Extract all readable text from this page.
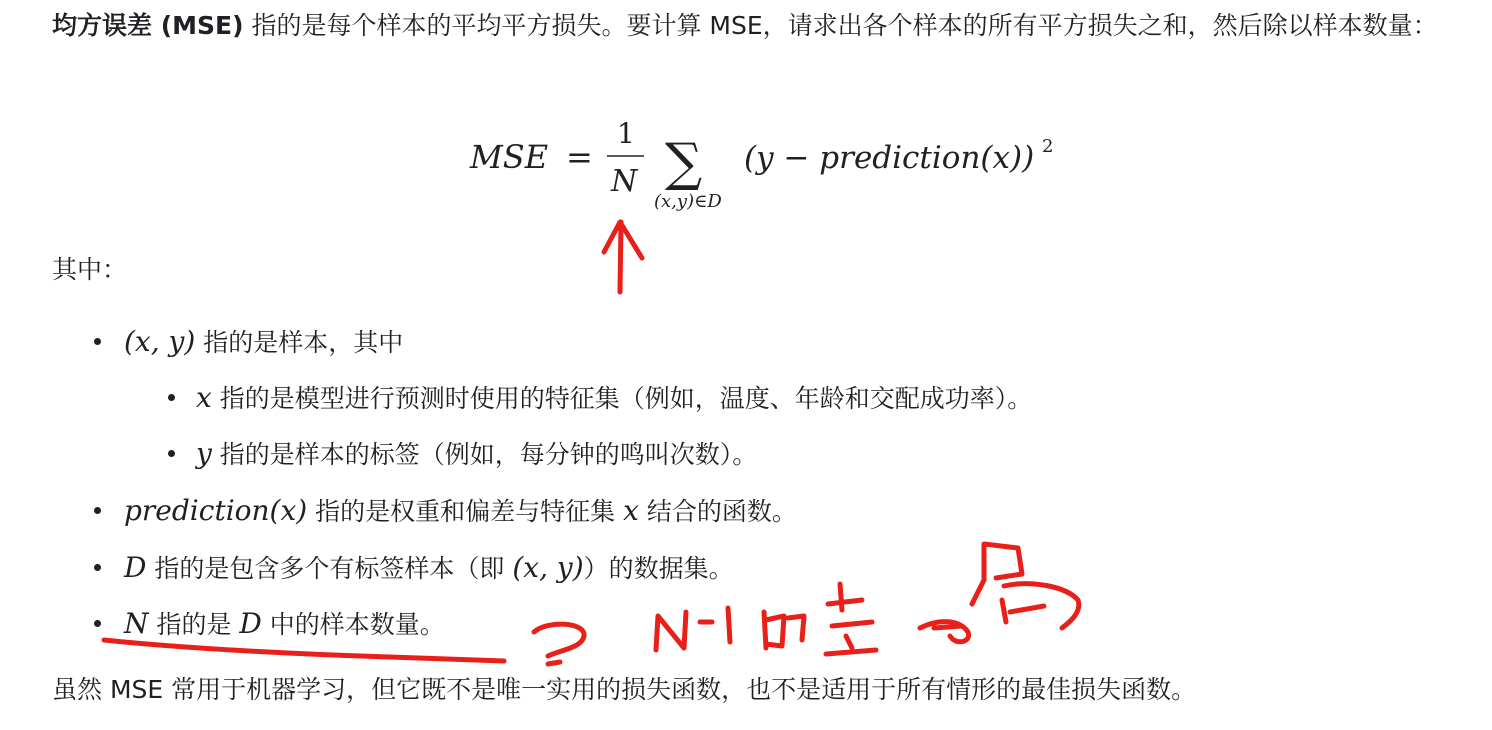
均方误差 (MSE) 指的是每个样本的平均平方损失。要计算 MSE，请求出各个样本的所有平方损失之和，然后除以样本数量：

MSE =
1
N ∑
(x,y)∈D
(y − prediction(x)) 2

其中：

(x, y) 指的是样本，其中
x 指的是模型进行预测时使用的特征集（例如，温度、年龄和交配成功率）。
y 指的是样本的标签（例如，每分钟的鸣叫次数）。
prediction(x) 指的是权重和偏差与特征集 x 结合的函数。
D 指的是包含多个有标签样本（即 (x, y)）的数据集。
N 指的是 D 中的样本数量。

虽然 MSE 常用于机器学习，但它既不是唯一实用的损失函数，也不是适用于所有情形的最佳损失函数。
